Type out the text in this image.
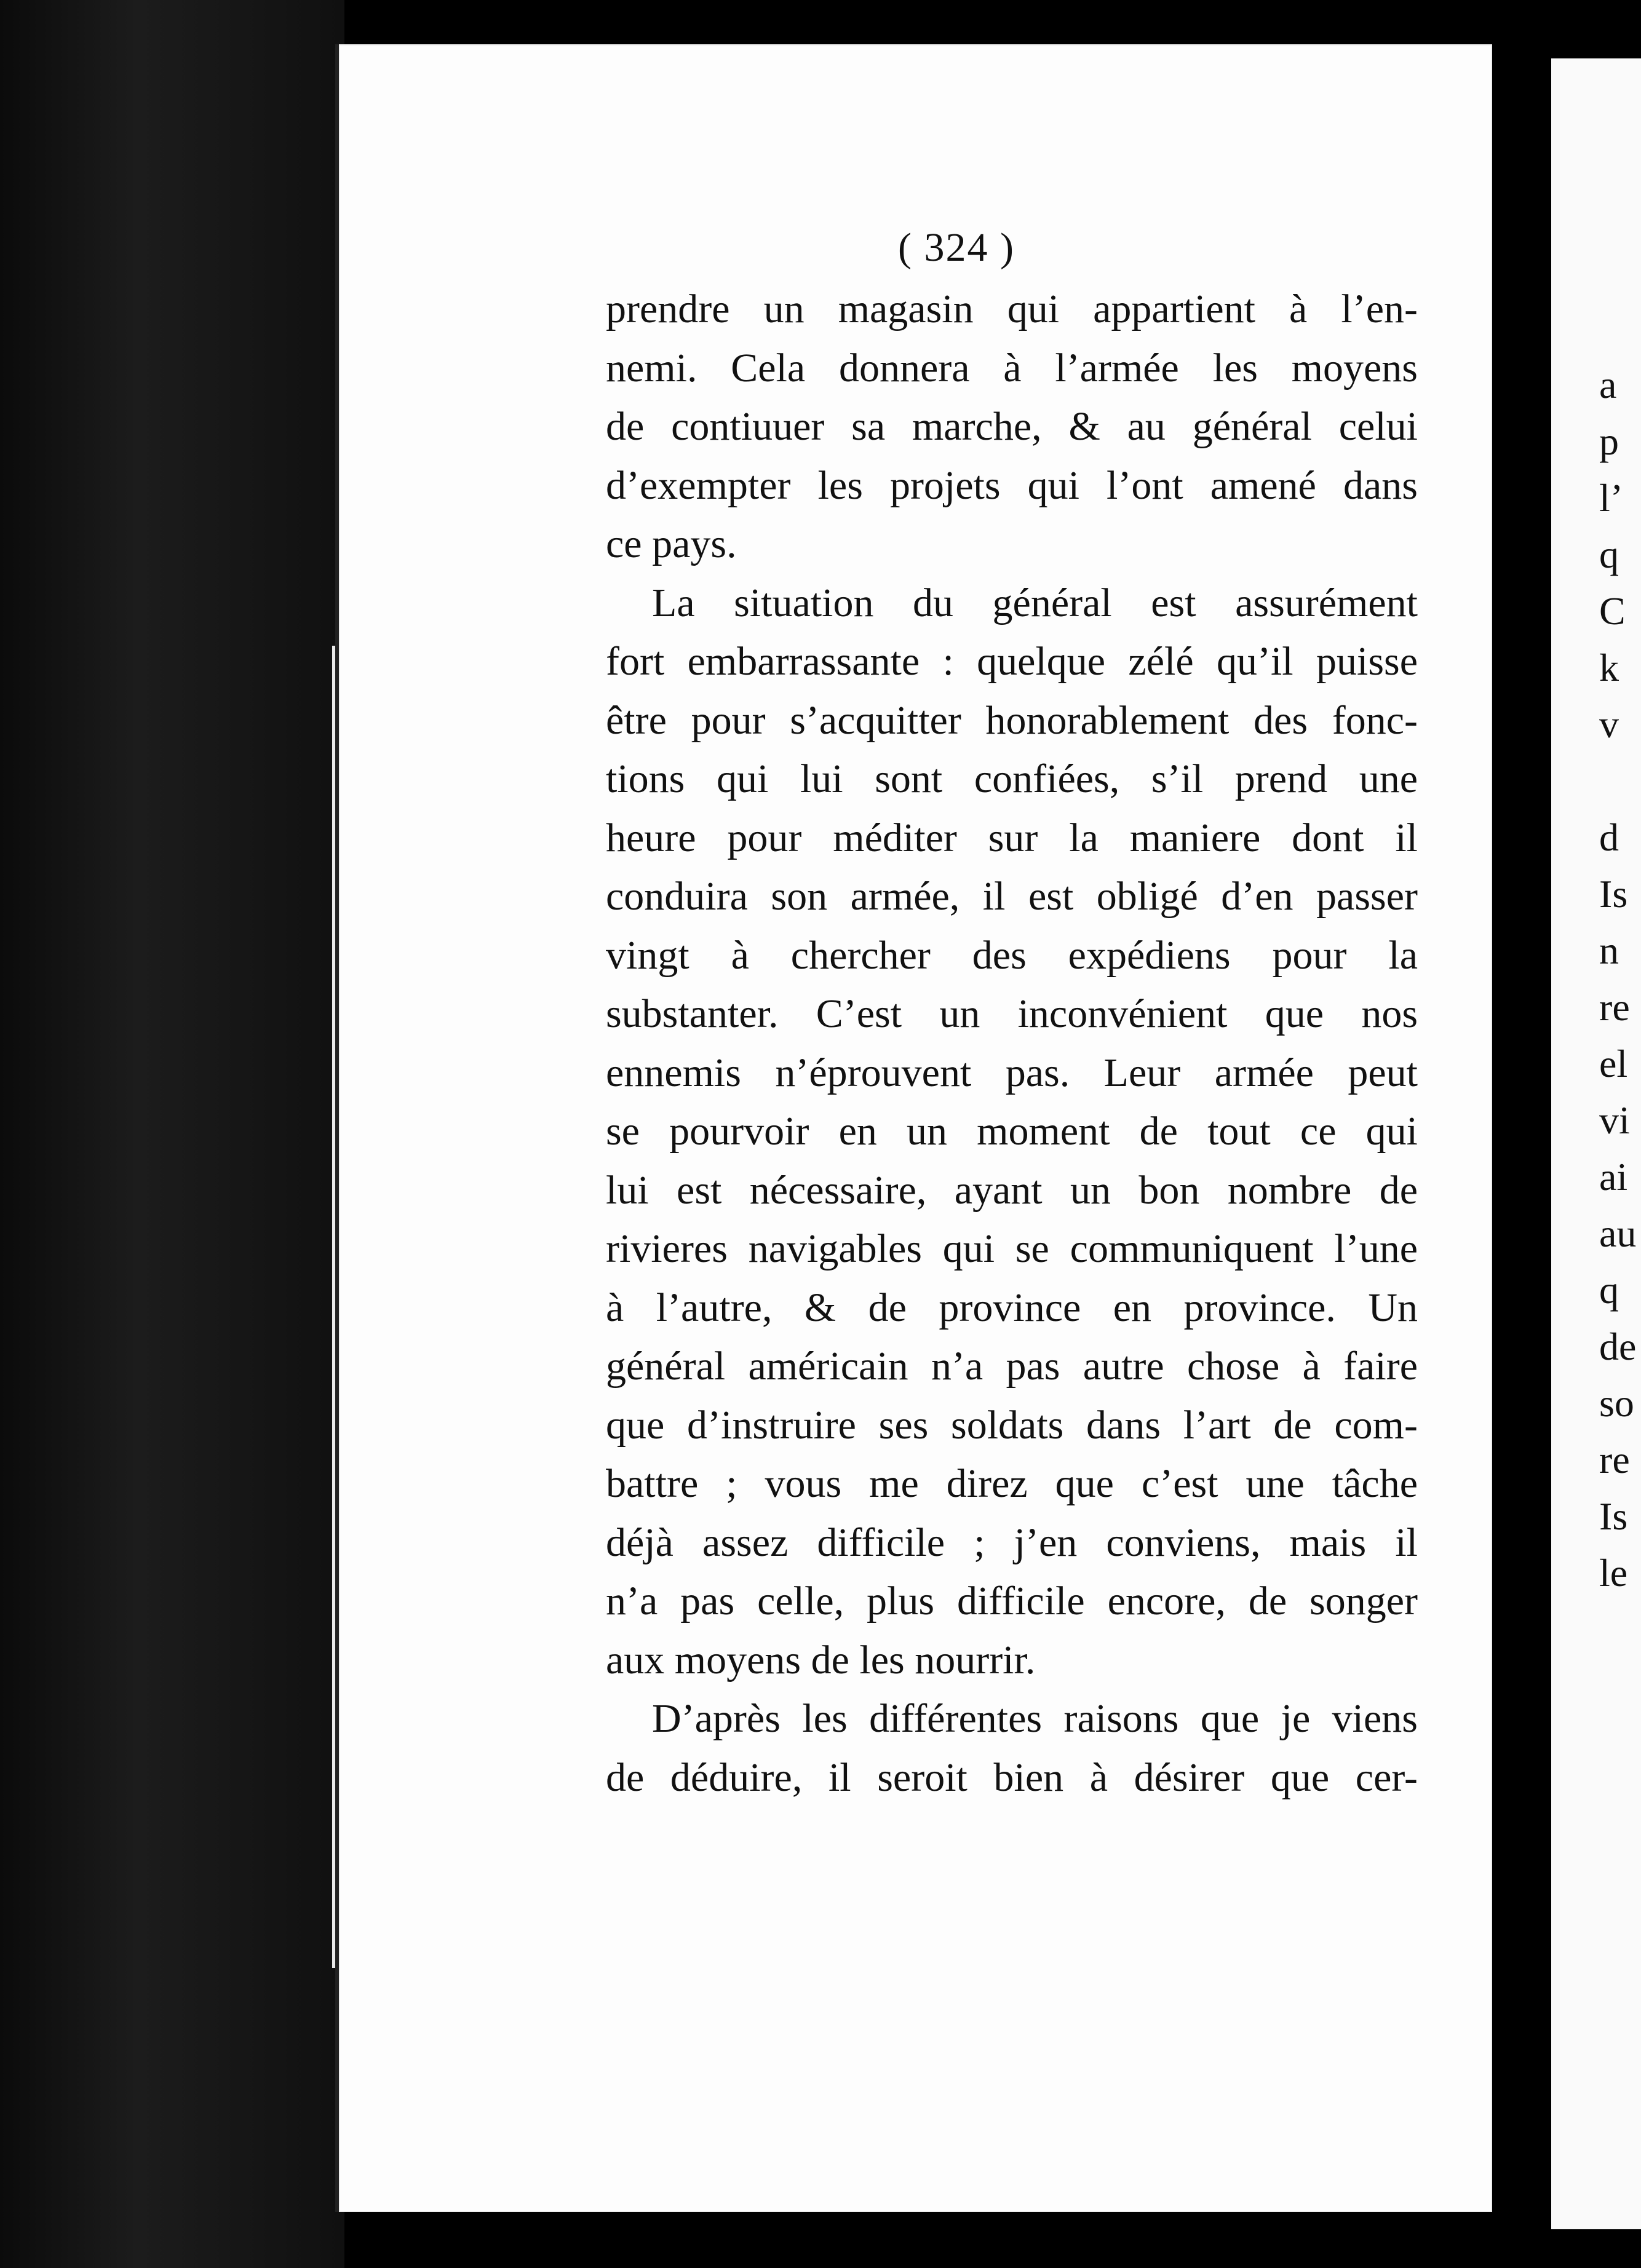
a
p
l’
q
C
k
v
d
Is
n
re
el
vi
ai
au
q
de
so
re
Is
le
( 324 )
prendre un magasin qui appartient à l’en-
nemi. Cela donnera à l’armée les moyens
de contiuuer sa marche, & au général celui
d’exempter les projets qui l’ont amené dans
ce pays.
La situation du général est assurément
fort embarrassante : quelque zélé qu’il puisse
être pour s’acquitter honorablement des fonc-
tions qui lui sont confiées, s’il prend une
heure pour méditer sur la maniere dont il
conduira son armée, il est obligé d’en passer
vingt à chercher des expédiens pour la
substanter. C’est un inconvénient que nos
ennemis n’éprouvent pas. Leur armée peut
se pourvoir en un moment de tout ce qui
lui est nécessaire, ayant un bon nombre de
rivieres navigables qui se communiquent l’une
à l’autre, & de province en province. Un
général américain n’a pas autre chose à faire
que d’instruire ses soldats dans l’art de com-
battre ; vous me direz que c’est une tâche
déjà assez difficile ; j’en conviens, mais il
n’a pas celle, plus difficile encore, de songer
aux moyens de les nourrir.
D’après les différentes raisons que je viens
de déduire, il seroit bien à désirer que cer-
